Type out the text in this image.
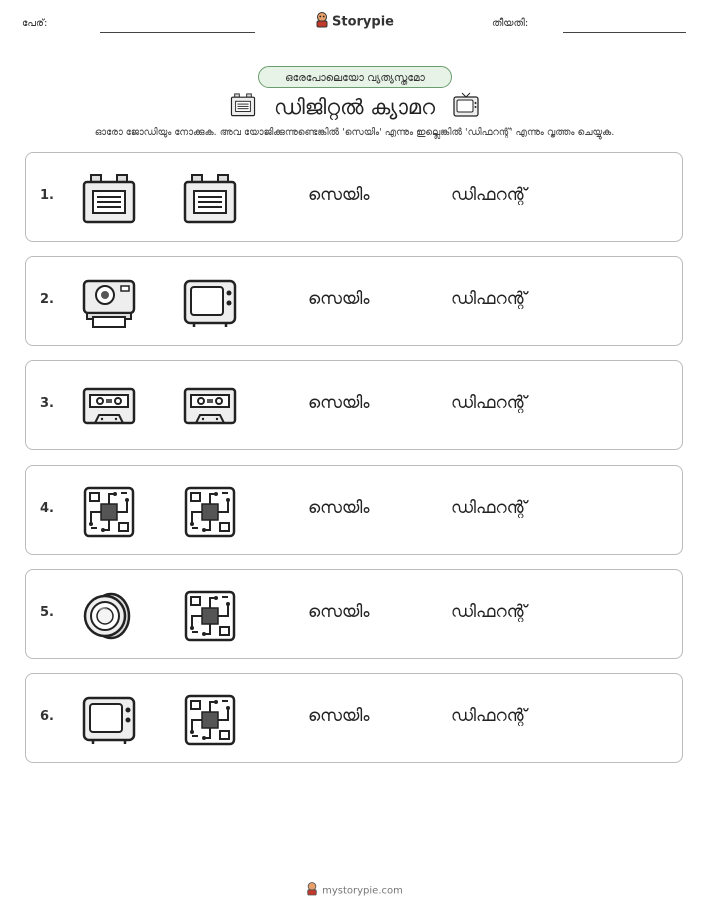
പേര്:	Storypie	തീയതി:
ഒരേപോലെയോ വ്യത്യസ്തമോ
ഡിജിറ്റൽ ക്യാമറ
ഓരോ ജോഡിയും നോക്കുക. അവ യോജിക്കുന്നുണ്ടെങ്കിൽ 'സെയിം' എന്നും ഇല്ലെങ്കിൽ 'ഡിഫറന്റ്' എന്നും വൃത്തം ചെയ്യുക.
1.	സെയിം	ഡിഫറന്റ്
2.	സെയിം	ഡിഫറന്റ്
3.	സെയിം	ഡിഫറന്റ്
4.	സെയിം	ഡിഫറന്റ്
5.	സെയിം	ഡിഫറന്റ്
6.	സെയിം	ഡിഫറന്റ്
mystorypie.com
